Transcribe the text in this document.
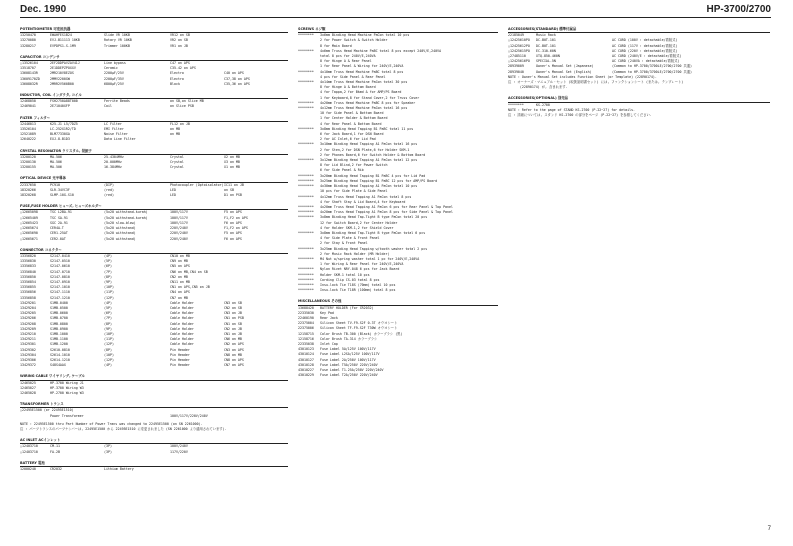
Dec. 1990	HP-3700/2700
POTENTIOMETER 可変抵抗器
13250470	EWAHFES1B24	Slide VR 10KB	VR12 on SB
13270080	EVJ-B11113 10KB	Rotary VR 10KB	VR2 on SB
13280217	EVPDPS1-S-1M9	Trimmer 100KB	VR1 on JB
CAPACITOR コンデンサ
△13526104	2EF2DDPAVZAV41J	Line bypass	C47 on APS
13518707	2E1DDEPZPOXXV	Ceramic	C35-42 on APS
13608143R	2MR210V8EZOS	2200μF/25V	Electro	C40 on APS
13609170ZD	2MMV2200GW	2200μF/35V	Electro	C37,38 on APS
13608032R	2MRR2V560B00	6800μF/25V	Block	C35,36 on APS
INDUCTOR, COIL インダクタ, コイル
12468050	FSH2750A88T000	Ferrite Beads	on SB,on Slice MB
12469041	2E71040XFP	Coil	on Slice PSB
FILTER フィルター
12446013	K25-J1 L5/7DZ5	LC Filter	FL12 on JB
13526104	LC-252X1R2/TD	EMI Filter	on MB
12521089	BLM77330GA	Noise Filter	on MB
12640222	EXJ-8-B1D3	Data Line Filter
CRYSTAL RESONATOR クリスタル, 発振子
13200120	MA-506	25.4304MHz	Crystal	X2 on MB
13200130	MA-506	20.000MHz	Crystal	X3 on MB
13200155	MA-506	16.384MHz	Crystal	X1 on MB
OPTICAL DEVICE 光半導体
22337650	PC910	(DIP)	Photocoupler (Optoisolator) IC11 on JB
18320266	SLR-34VC3F	(red)	LED	on SB
18320268	SLMP-10G-S10	(red)	LED	D1 on PSB
FUSE,FUSE HOLDER ヒューズ, ヒューズホルダー
△12665098	TSC L2BA-91	(5x20 withstand-kurah)	100V/117V	F5 on APS
△12665409	TSC SA-91	(5x20 withstand-kurah)	100V/117V	F1,F2 on APS
△12665423	SGC 2A-91	(5x20 slow-blow)	100V/117V	F6 on APS
△12665674	CER4A-T	(5x20 withstand)	220V/240V	F1,F2 on APS
△12665690	CER1.25AT	(5x20 withstand)	220V/240V	F5 on APS
△12665671	CER2.0AT	(5x20 withstand)	220V/240V	F6 on APS
CONNECTOR コネクター
13356820	S2147-0410	(4P)	CN10 on MB
13356830	S2147-0510	(5P)	CN9 on MB
13356833	S2147-0610	(6P)	CN5 on APS
13356840	S2147-0710	(7P)	CN6 on MB,CN4 on SB
13356850	S2147-0810	(8P)	CN2 on MB
13356854	S2147-0910	(9P)	CN11 on MB
13356855	S2147-1010	(10P)	CN1 on APS,CN5 on JB
13356856	S2147-1110	(11P)	CN4 on APS
13356858	S2147-1210	(12P)	CN7 on MB
13429201	S1MB-0400	(4P)	Cable Holder	CN3 on SB
13429204	S1MB-0500	(5P)	Cable Holder	CN2 on SB
13429205	S1MB-0600	(6P)	Cable Holder	CN3 on JB
13429206	S1MB-0700	(7P)	Cable Holder	CN1 on PSB
13429208	S1MB-0800	(8P)	Cable Holder	CN1 on SB
13429209	S1MB-0900	(9P)	Cable Holder	CN2 on JB
13429210	S1MB-1000	(10P)	Cable Holder	CN1 on JB
13429211	S1MB-1100	(11P)	Cable Holder	CN6 on MB
13429301	S1MB-1200	(12P)	Cable Holder	CN2 on APS
13429302	S2610-0810	(8P)	Pin Header	CN3 on APS
13429304	S2614-1010	(10P)	Pin Header	CN8 on MB
13429306	S2614-1210	(12P)	Pin Header	CN8 on APS
13429372	S48S4AAX	(4P)	Pin Header	CN7 on APS
WIRING CABLE ワイヤリング, ケーブル
12465025	HP-3700 Wiring J1
12465027	HP-3700 Wiring W3
12465028	HP-2700 Wiring W3
TRANSFORMER トランス
△22495E1500 (or 22495E1510)
Power Transformer	100V/117V/220V/240V
NOTE : 22495E1500 thru Part Number of Power Trans was changed to 22495E1500 (on SN 2261000).
注 : パーツトランスのパーツナンバーは, 22495E1500 から 22495E1510 に変更されました (SN 2261000 より適用されています).
AC INLET ACインレット
△12403710	CM-11	(3P)	100V/240V
△12403710	FA-2B	(3P)	117V/220V
BATTERY 電池
12000240	CR2032	Lithium Battery
SCREWS ネジ類
********	3x6mm Binding Head Machine PaCon total 10 pcs
2 for Power Switch & Switch Holder
8 for Main Board
********	4x6mm Truss Head Machine PaBC total 8 pcs except 240V/E,240VA
total 8 pcs for 240V/E,240VA
8 for Hinge A & Rear Panel
1 for Rear Panel & Wiring for 240V/E,240VA
********	4x10mm Truss Head Machine PaBC total 8 pcs
4 pcs for Side Panel & Rear Panel
********	4x14mm Truss Head Machine PaCon total 30 pcs
8 for Hinge A & Bottom Board
4 for Tappa,2 for Bkmd & for AMP/PS Board
1 for Keyboard,8 for Stand Cover,2 for Truss Cover
********	4x20mm Truss Head Machine PaBC 8 pcs for Speaker
********	4x12mm Truss Head Machine PaCon total 16 pcs
10 for Side Panel & Bottom Board
1 for Center Holder & Bottom Board
4 for Rear Panel & Bottom Board
********	3x8mm Binding Head Tapping B1 PaBC total 11 pcs
6 for Jack Board,1 for DSN Board
2 for AC Inlet,6 for Lid Pad
********	3x10mm Binding Head Tapping A1 PaCon total 16 pcs
2 for Sten,2 for DSN Plate,6 for Holder SKM-1
2 for Phones Board,6 for Switch Holder & Bottom Board
********	3x12mm Binding Head Tapping A1 PaCon total 12 pcs
8 for Lid Blind,2 for Power Switch
6 for Side Panel & Rib
********	3x20mm Binding Head Tapping B1 PaBC 4 pcs for Lid Pad
********	3x25mm Binding Head Tapping B1 PaBC 12 pcs for AMP/PS Board
********	4x30mm Binding Head Tapping A1 PaCon total 10 pcs
10 pcs for Side Plate & Side Panel
********	4x12mm Truss Head Tapping A1 PaCon total 8 pcs
4 for Shaft Stay & Lid Board,4 for Keyboard
********	4x20mm Truss Head Tapping A1 PaCon 6 pcs for Rear Panel & Top Panel
********	4x20mm Truss Head Tapping A1 PaCon 8 pcs for Side Panel & Top Panel
********	3x8mm Binding Head Tap-Tight B type PaCon total 20 pcs
12 for Switch Board,2 for Center Holder
4 for Holder SKM-1,2 for Shield Cover
********	3x8mm Binding Head Tap-Tight B type PaCon total 6 pcs
4 for Side Plate & Front Panel
2 for Stay & Front Panel
********	3x25mm Binding Head Tapping w/tooth washer total 2 pcs
2 for Music Rack Holder (MR Holder)
********	M4 Nut w/spring washer total 1 pc for 240V/E,240VA
1 for Wiring & Rear Panel for 240V/E,240VA
********	Nylon Rivet NRY-048 6 pcs for Jack Board
********	Holder SKM-1 total 10 pcs
********	Cording Clip CS-03 total 8 pcs
********	Insu-lock Tie T18S (70mm) total 10 pcs
********	Insu-lock Tie T18R (100mm) total 8 pcs
MISCELLANEOUS その他
13688420	BATTERY HOLDER (For CR2032)
22335030	Key Pad
22460190	Rear Jack
22375004	Silicon Sheet TV-F9-S2F 0.3T オウヨシート
22375006	Silicon Sheet TF-F9-S2F T30W オウヨシート
12158715	Color Brush TB-300 (Black) カラーブラシ (黒)
12158716	Color Brush TA-314 カラーブラシ
22335038	Inlet Cap
43010123	Fuse Label 5A/125V 100V/117V
43010124	Fuse Label L2SA/125V 100V/117V
43010127	Fuse Label 2A/250V 100V/117V
43010128	Fuse Label T5A/250V 220V/240V
43010227	Fuse Label T1.25A/250V 220V/240V
43010229	Fuse Label T2A/250V 220V/240V
ACCESSORIES(STANDARD) 標準付属品
22185049	Music Rack
△12425610PO	DC-B0T-101	AC CORD (100V : detachable/着脱式)
△12425612PO	DC-B0T-101	AC CORD (117V : detachable/着脱式)
△12425615PO	EC-310-60N	AC CORD (220V : detachable/着脱式)
△27485110	XTQ-850-460N	AC CORD (240V/E : detachable/着脱式)
△12425616PO	SPECIAL-5N	AC CORD (240VA : detachable/着脱式)
28939009	Owner's Manual Set (Japanese)	(Common to HP-3700/3700LE/2700/2700 共通)
28939040	Owner's Manual Set (English)	(Common to HP-3700/3700LE/2700/2700 共通)
NOTE : Owner's Manual Set includes Function Sheet (or Template) (22890174).
注 : オーナーズ・マニュアル・セット (取扱説明書セット) には, ファンクションシート (または, テンプレート)
(22890174) が, 含まれます.
ACCESSORIES(OPTIONAL) 別売品
********	KS-2700
NOTE : Refer to the page of STAND KS-2700 (P.22~27) for details.
注 : 詳細については, スタンド KS-2700 の部分をページ (P.22~27) を参照してください.
7
